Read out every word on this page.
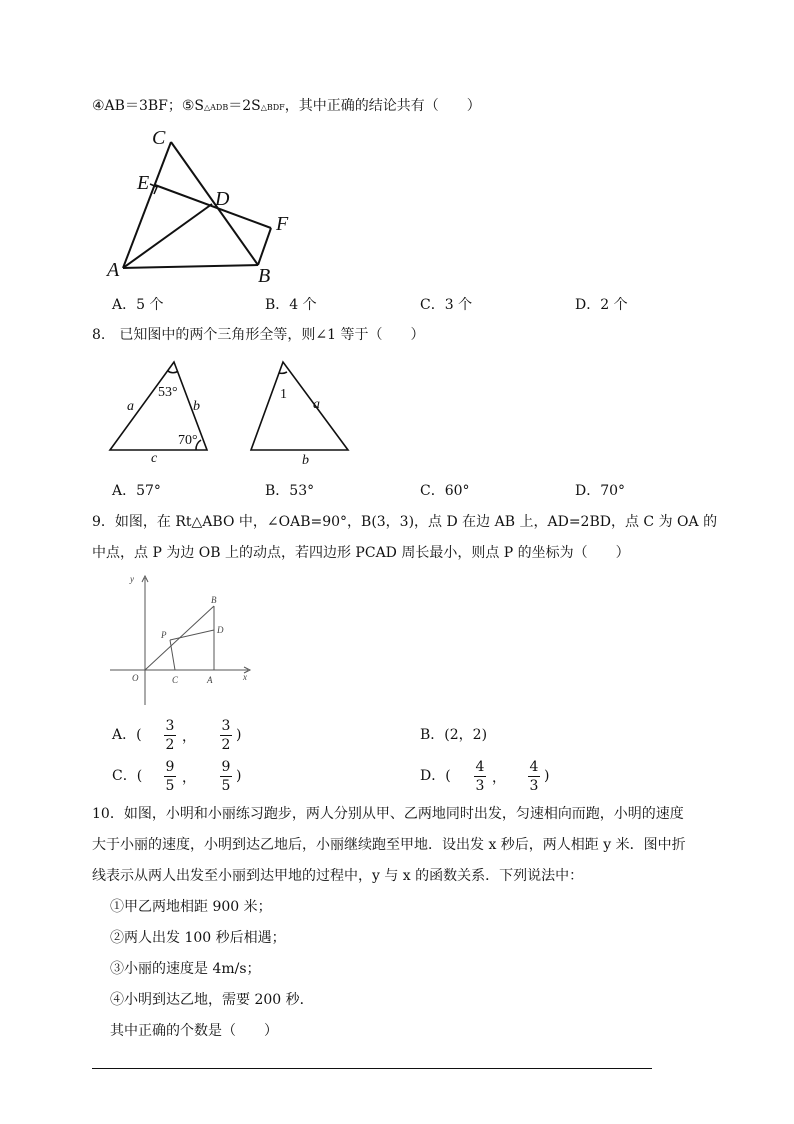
④AB＝3BF；⑤S△ADB＝2S△BDF，其中正确的结论共有（　　）
C
E
D
F
A	B
A．5 个	B．4 个	C．3 个	D．2 个
8.　已知图中的两个三角形全等，则∠1 等于（　　）
a	b
c
53°
70°
1
a
b
A．57°	B．53°	C．60°	D．70°
9．如图，在 Rt△ABO 中，∠OAB=90°，B(3，3)，点 D 在边 AB 上，AD=2BD，点 C 为 OA 的
中点，点 P 为边 OB 上的动点，若四边形 PCAD 周长最小，则点 P 的坐标为（　　）
y
x
O	C	A
P
B
D
A．(
3
2 ，
3
2
)	B．(2，2)
C．(
9
5 ，
9
5
)	D．(
4
3 ，
4
3
)
10．如图，小明和小丽练习跑步，两人分别从甲、乙两地同时出发，匀速相向而跑，小明的速度
大于小丽的速度，小明到达乙地后，小丽继续跑至甲地．设出发 x 秒后，两人相距 y 米．图中折
线表示从两人出发至小丽到达甲地的过程中，y 与 x 的函数关系．下列说法中：
①甲乙两地相距 900 米；
②两人出发 100 秒后相遇；
③小丽的速度是 4m/s；
④小明到达乙地，需要 200 秒．
其中正确的个数是（　　）
